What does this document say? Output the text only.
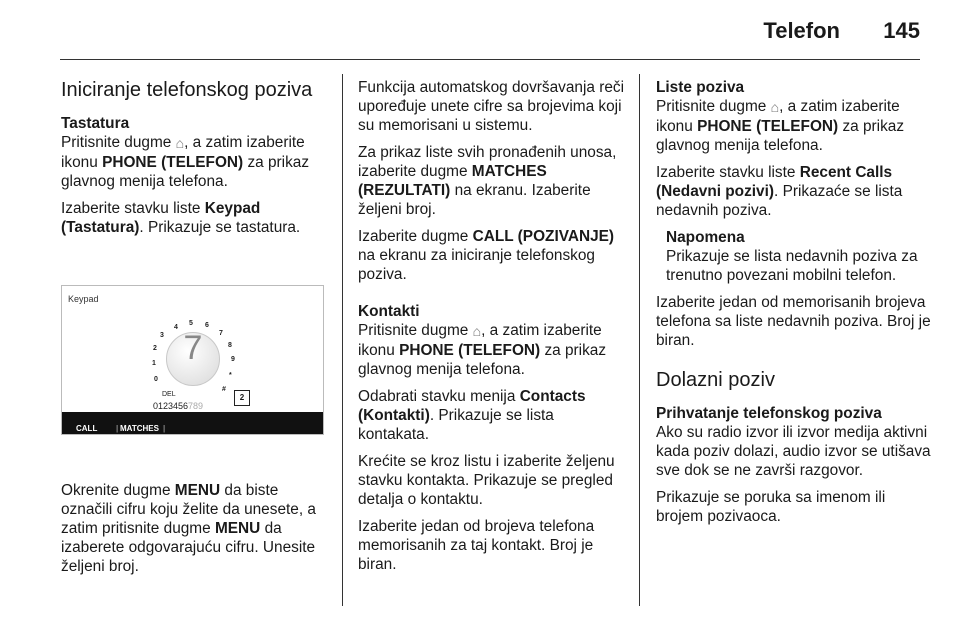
Telefon 145
Iniciranje telefonskog poziva
Tastatura

Pritisnite dugme ⌂, a zatim izaberite ikonu PHONE (TELEFON) za prikaz glavnog menija telefona.

Izaberite stavku liste Keypad (Tastatura). Prikazuje se tastatura.

Keypad
7
0
1
2
3
4
5 6
7
8
9
*
#
DEL
0123456789
2
CALL | MATCHES |

Okrenite dugme MENU da biste označili cifru koju želite da unesete, a zatim pritisnite dugme MENU da izaberete odgovarajuću cifru. Unesite željeni broj.

Funkcija automatskog dovršavanja reči upoređuje unete cifre sa brojevima koji su memorisani u sistemu.

Za prikaz liste svih pronađenih unosa, izaberite dugme MATCHES (REZULTATI) na ekranu. Izaberite željeni broj.

Izaberite dugme CALL (POZIVANJE) na ekranu za iniciranje telefonskog poziva.

Kontakti

Pritisnite dugme ⌂, a zatim izaberite ikonu PHONE (TELEFON) za prikaz glavnog menija telefona.

Odabrati stavku menija Contacts (Kontakti). Prikazuje se lista kontakata.

Krećite se kroz listu i izaberite željenu stavku kontakta. Prikazuje se pregled detalja o kontaktu.

Izaberite jedan od brojeva telefona memorisanih za taj kontakt. Broj je biran.

Liste poziva

Pritisnite dugme ⌂, a zatim izaberite ikonu PHONE (TELEFON) za prikaz glavnog menija telefona.

Izaberite stavku liste Recent Calls (Nedavni pozivi). Prikazaće se lista nedavnih poziva.

Napomena
Prikazuje se lista nedavnih poziva za trenutno povezani mobilni telefon.

Izaberite jedan od memorisanih brojeva telefona sa liste nedavnih poziva. Broj je biran.

Dolazni poziv
Prihvatanje telefonskog poziva

Ako su radio izvor ili izvor medija aktivni kada poziv dolazi, audio izvor se utišava sve dok se ne završi razgovor.

Prikazuje se poruka sa imenom ili brojem pozivaoca.
